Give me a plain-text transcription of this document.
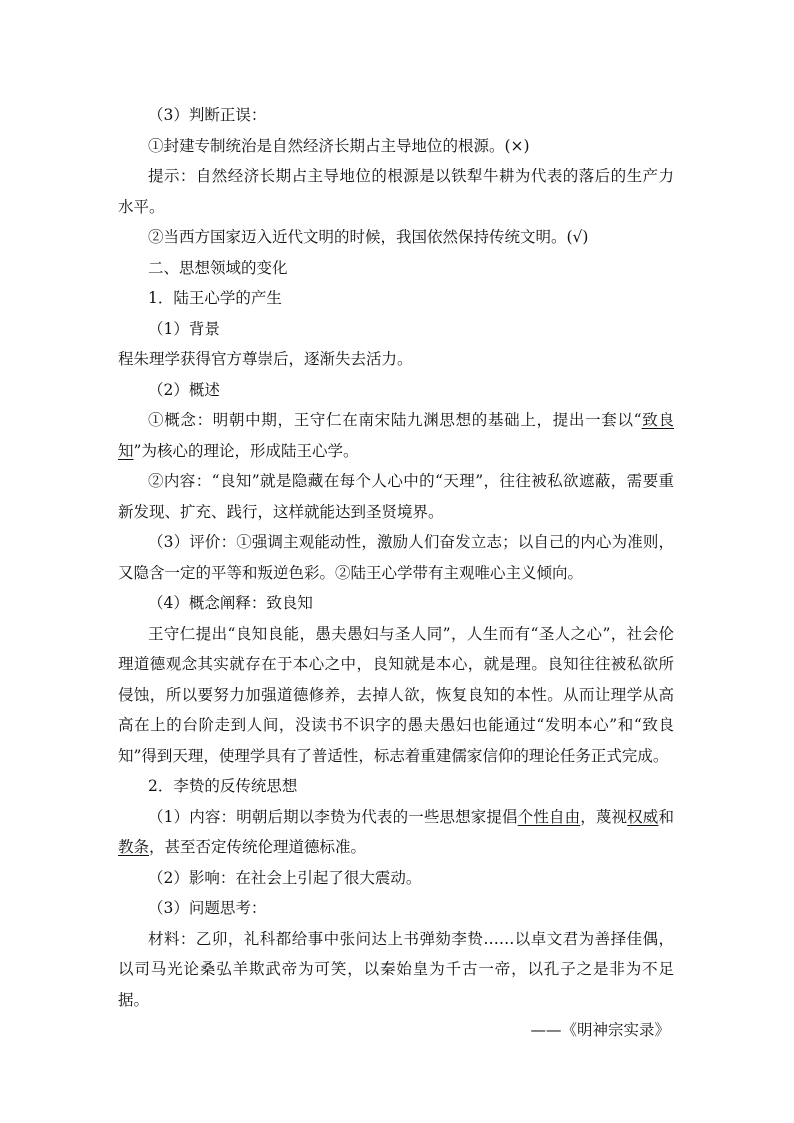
（3）判断正误：
①封建专制统治是自然经济长期占主导地位的根源。(×)
提示：自然经济长期占主导地位的根源是以铁犁牛耕为代表的落后的生产力水平。
②当西方国家迈入近代文明的时候，我国依然保持传统文明。(√)
二、思想领域的变化
1．陆王心学的产生
（1）背景
程朱理学获得官方尊崇后，逐渐失去活力。
（2）概述
①概念：明朝中期，王守仁在南宋陆九渊思想的基础上，提出一套以“致良知”为核心的理论，形成陆王心学。
②内容：“良知”就是隐藏在每个人心中的“天理”，往往被私欲遮蔽，需要重新发现、扩充、践行，这样就能达到圣贤境界。
（3）评价：①强调主观能动性，激励人们奋发立志；以自己的内心为准则，又隐含一定的平等和叛逆色彩。②陆王心学带有主观唯心主义倾向。
（4）概念阐释：致良知
王守仁提出“良知良能，愚夫愚妇与圣人同”，人生而有“圣人之心”，社会伦理道德观念其实就存在于本心之中，良知就是本心，就是理。良知往往被私欲所侵蚀，所以要努力加强道德修养，去掉人欲，恢复良知的本性。从而让理学从高高在上的台阶走到人间，没读书不识字的愚夫愚妇也能通过“发明本心”和“致良知”得到天理，使理学具有了普适性，标志着重建儒家信仰的理论任务正式完成。
2．李贽的反传统思想
（1）内容：明朝后期以李贽为代表的一些思想家提倡个性自由，蔑视权威和教条，甚至否定传统伦理道德标准。
（2）影响：在社会上引起了很大震动。
（3）问题思考：
材料：乙卯，礼科都给事中张问达上书弹劾李贽……以卓文君为善择佳偶，以司马光论桑弘羊欺武帝为可笑，以秦始皇为千古一帝，以孔子之是非为不足据。
——《明神宗实录》
